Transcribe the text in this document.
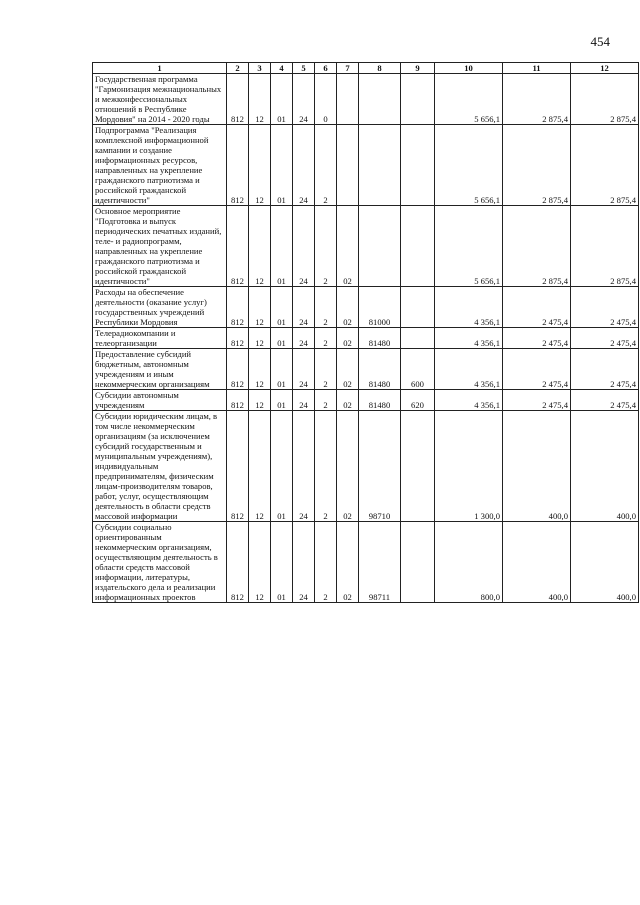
454
1	2	3	4	5	6	7	8	9	10	11	12
Государственная программа "Гармонизация межнациональных и межконфессиональных отношений в Республике Мордовия" на 2014 - 2020 годы	812	12	01	24	0				5 656,1	2 875,4	2 875,4
Подпрограмма "Реализация комплексной информационной кампании и создание информационных ресурсов, направленных на укрепление гражданского патриотизма и российской гражданской идентичности"	812	12	01	24	2				5 656,1	2 875,4	2 875,4
Основное мероприятие "Подготовка и выпуск периодических печатных изданий, теле- и радиопрограмм, направленных на укрепление гражданского патриотизма и российской гражданской идентичности"	812	12	01	24	2	02			5 656,1	2 875,4	2 875,4
Расходы на обеспечение деятельности (оказание услуг) государственных учреждений Республики Мордовия	812	12	01	24	2	02	81000		4 356,1	2 475,4	2 475,4
Телерадиокомпании и телеорганизации	812	12	01	24	2	02	81480		4 356,1	2 475,4	2 475,4
Предоставление субсидий бюджетным, автономным учреждениям и иным некоммерческим организациям	812	12	01	24	2	02	81480	600	4 356,1	2 475,4	2 475,4
Субсидии автономным учреждениям	812	12	01	24	2	02	81480	620	4 356,1	2 475,4	2 475,4
Субсидии юридическим лицам, в том числе некоммерческим организациям (за исключением субсидий государственным и муниципальным учреждениям), индивидуальным предпринимателям, физическим лицам-производителям товаров, работ, услуг, осуществляющим деятельность в области средств массовой информации	812	12	01	24	2	02	98710		1 300,0	400,0	400,0
Субсидии социально ориентированным некоммерческим организациям, осуществляющим деятельность в области средств массовой информации, литературы, издательского дела и реализации информационных проектов	812	12	01	24	2	02	98711		800,0	400,0	400,0
